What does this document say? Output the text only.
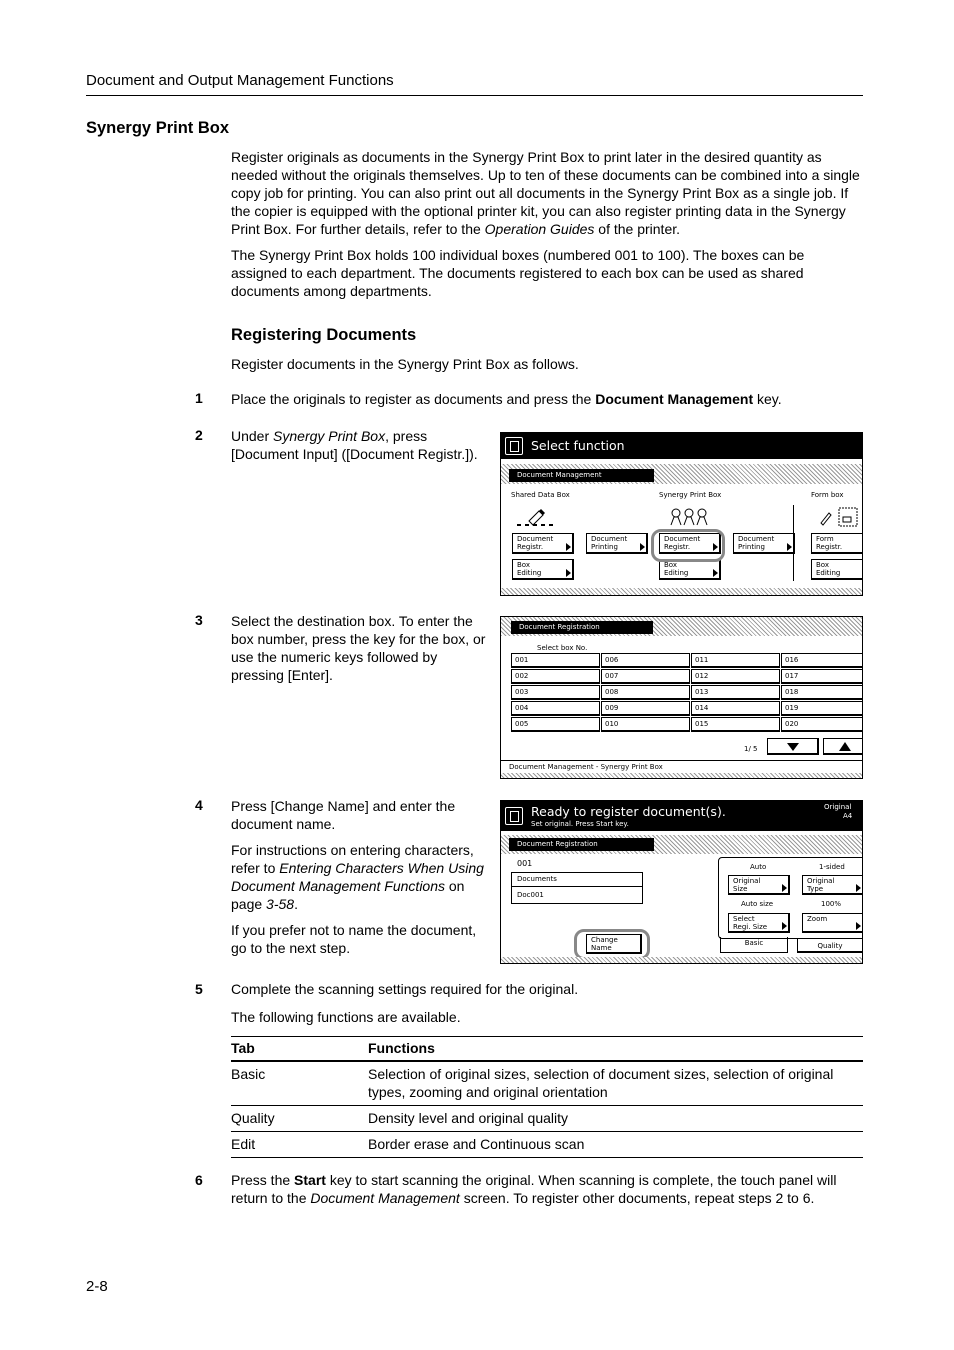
Document and Output Management Functions
Synergy Print Box
Register originals as documents in the Synergy Print Box to print later in the desired quantity as needed without the originals themselves. Up to ten of these documents can be combined into a single copy job for printing. You can also print out all documents in the Synergy Print Box as a single job. If the copier is equipped with the optional printer kit, you can also register printing data in the Synergy Print Box. For further details, refer to the Operation Guides of the printer.
The Synergy Print Box holds 100 individual boxes (numbered 001 to 100). The boxes can be assigned to each department. The documents registered to each box can be used as shared documents among departments.
Registering Documents
Register documents in the Synergy Print Box as follows.
1 Place the originals to register as documents and press the Document Management key.
2 Under Synergy Print Box, press [Document Input] ([Document Registr.]).
Select function
Document Management
Shared Data Box	Synergy Print Box	Form box
Document
Registr.
Document
Printing
Document
Registr.
Document
Printing
Form
Registr.
Box
Editing
Box
Editing
Box
Editing
3 Select the destination box. To enter the box number, press the key for the box, or use the numeric keys followed by pressing [Enter].
Document Registration
Select box No.
001
002
003
004
005
006
007
008
009
010
011
012
013
014
015
016
017
018
019
020
1/ 5
Document Management - Synergy Print Box
4 Press [Change Name] and enter the document name.
For instructions on entering characters, refer to Entering Characters When Using Document Management Functions on page 3-58.
If you prefer not to name the document, go to the next step.
Ready to register document(s).
Set original. Press Start key.
Original
A4
Document Registration
001
Documents
Doc001
Change
Name
Auto	1-sided
Original
Size
Original
Type
Auto size	100%
Select
Regi. Size
Zoom
Basic	Quality
5 Complete the scanning settings required for the original.
The following functions are available.
Tab	Functions
Basic	Selection of original sizes, selection of document sizes, selection of original types, zooming and original orientation
Quality	Density level and original quality
Edit	Border erase and Continuous scan
6 Press the Start key to start scanning the original. When scanning is complete, the touch panel will return to the Document Management screen. To register other documents, repeat steps 2 to 6.
2-8
